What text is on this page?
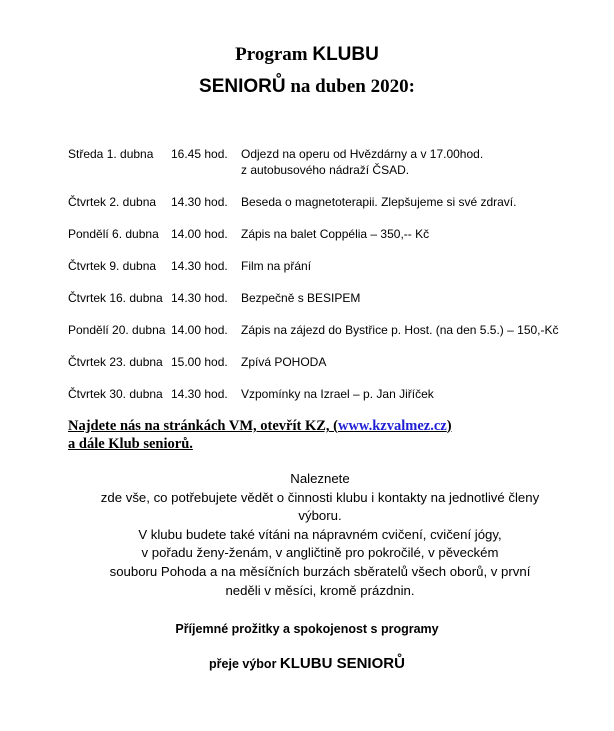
Program KLUBU
SENIORŮ na duben 2020:
Středa 1. dubna 16.45 hod. Odjezd na operu od Hvězdárny a v 17.00hod.
z autobusového nádraží ČSAD.
Čtvrtek 2. dubna 14.30 hod. Beseda o magnetoterapii. Zlepšujeme si své zdraví.
Pondělí 6. dubna 14.00 hod. Zápis na balet Coppélia – 350,-- Kč
Čtvrtek 9. dubna 14.30 hod. Film na přání
Čtvrtek 16. dubna 14.30 hod. Bezpečně s BESIPEM
Pondělí 20. dubna 14.00 hod. Zápis na zájezd do Bystřice p. Host. (na den 5.5.) – 150,-Kč
Čtvrtek 23. dubna 15.00 hod. Zpívá POHODA
Čtvrtek 30. dubna 14.30 hod. Vzpomínky na Izrael – p. Jan Jiříček
Najdete nás na stránkách VM, otevřít KZ, (www.kzvalmez.cz)
a dále Klub seniorů.
Naleznete
zde vše, co potřebujete vědět o činnosti klubu i kontakty na jednotlivé členy
výboru.
V klubu budete také vítáni na nápravném cvičení, cvičení jógy,
v pořadu ženy-ženám, v angličtině pro pokročilé, v pěveckém
souboru Pohoda a na měsíčních burzách sběratelů všech oborů, v první
neděli v měsíci, kromě prázdnin.
Příjemné prožitky a spokojenost s programy
přeje výbor KLUBU SENIORŮ
